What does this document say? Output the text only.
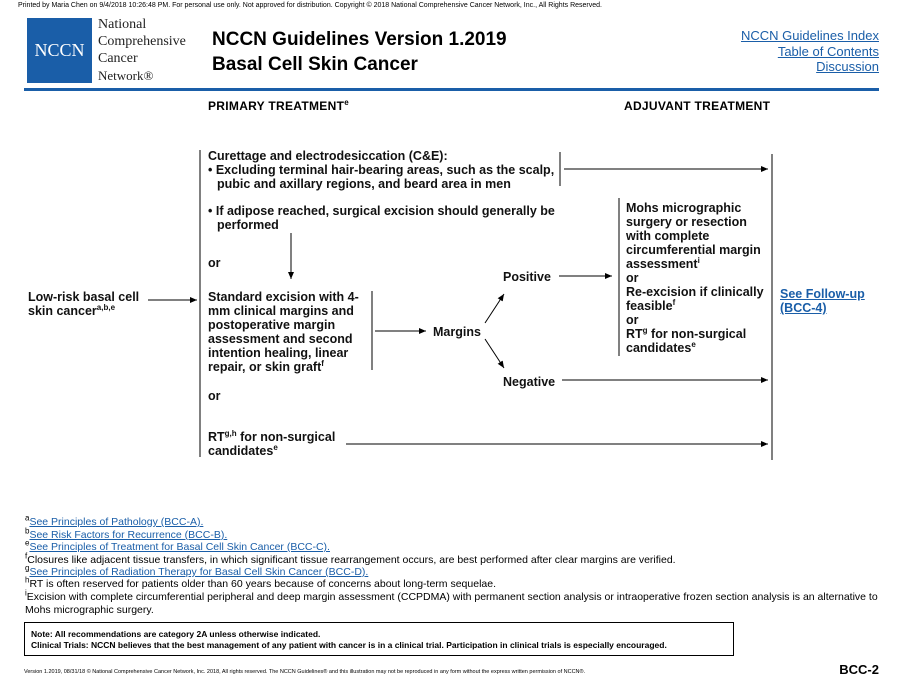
Printed by Maria Chen on 9/4/2018 10:26:48 PM. For personal use only. Not approved for distribution. Copyright © 2018 National Comprehensive Cancer Network, Inc., All Rights Reserved.
NCCN
National
Comprehensive
Cancer
Network®
NCCN Guidelines Version 1.2019
Basal Cell Skin Cancer
NCCN Guidelines Index
Table of Contents
Discussion
PRIMARY TREATMENT$^e$	ADJUVANT TREATMENT
Low-risk basal cell skin cancer$^{a,b,e}$
Curettage and electrodesiccation (C&E):
• Excluding terminal hair-bearing areas, such as the scalp, pubic and axillary regions, and beard area in men
• If adipose reached, surgical excision should generally be performed
or
Standard excision with 4-mm clinical margins and postoperative margin assessment and second intention healing, linear repair, or skin graft$^f$
or
RT$^{g,h}$ for non-surgical candidates$^e$
Margins
Positive
Negative
Mohs micrographic surgery or resection with complete circumferential margin assessment$^i$
or
Re-excision if clinically feasible$^f$
or
$RT^g$ for non-surgical candidates$^e$
See Follow-up (BCC-4)
$^a$See Principles of Pathology (BCC-A).
$^b$See Risk Factors for Recurrence (BCC-B).
$^e$See Principles of Treatment for Basal Cell Skin Cancer (BCC-C).
$^f$Closures like adjacent tissue transfers, in which significant tissue rearrangement occurs, are best performed after clear margins are verified.
$^g$See Principles of Radiation Therapy for Basal Cell Skin Cancer (BCC-D).
$^h$RT is often reserved for patients older than 60 years because of concerns about long-term sequelae.
$^i$Excision with complete circumferential peripheral and deep margin assessment (CCPDMA) with permanent section analysis or intraoperative frozen section analysis is an alternative to Mohs micrographic surgery.
Note: All recommendations are category 2A unless otherwise indicated.
Clinical Trials: NCCN believes that the best management of any patient with cancer is in a clinical trial. Participation in clinical trials is especially encouraged.
Version 1.2019, 08/31/18 © National Comprehensive Cancer Network, Inc. 2018, All rights reserved. The NCCN Guidelines® and this illustration may not be reproduced in any form without the express written permission of NCCN®.	BCC-2
